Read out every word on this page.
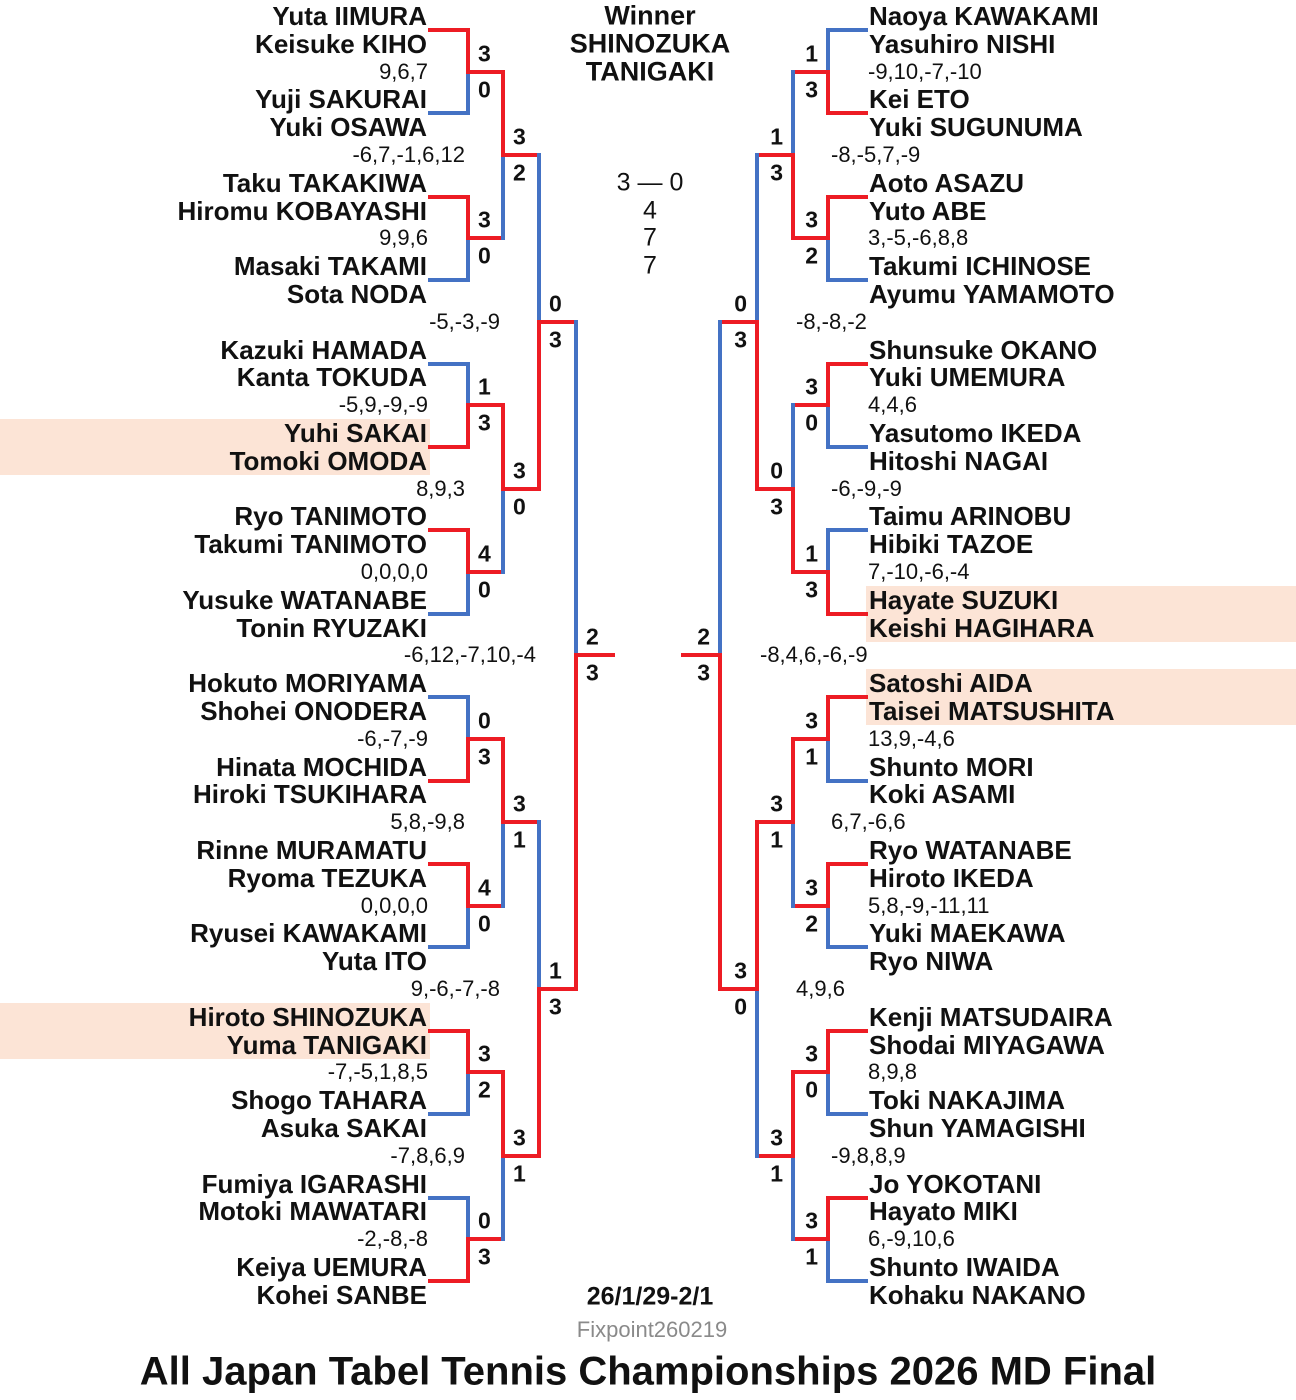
Winner
SHINOZUKA
TANIGAKI
3 — 0
4
7
7
26/1/29-2/1
Fixpoint260219
All Japan Tabel Tennis Championships 2026 MD Final
Yuta IIMURA
Keisuke KIHO
Yuji SAKURAI
Yuki OSAWA
Taku TAKAKIWA
Hiromu KOBAYASHI
Masaki TAKAMI
Sota NODA
Kazuki HAMADA
Kanta TOKUDA
Yuhi SAKAI
Tomoki OMODA
Ryo TANIMOTO
Takumi TANIMOTO
Yusuke WATANABE
Tonin RYUZAKI
Hokuto MORIYAMA
Shohei ONODERA
Hinata MOCHIDA
Hiroki TSUKIHARA
Rinne MURAMATU
Ryoma TEZUKA
Ryusei KAWAKAMI
Yuta ITO
Hiroto SHINOZUKA
Yuma TANIGAKI
Shogo TAHARA
Asuka SAKAI
Fumiya IGARASHI
Motoki MAWATARI
Keiya UEMURA
Kohei SANBE
3
0
9,6,7
3
0
9,9,6
1
3
-5,9,-9,-9
4
0
0,0,0,0
0
3
-6,-7,-9
4
0
0,0,0,0
3
2
-7,-5,1,8,5
0
3
-2,-8,-8
3
2
-6,7,-1,6,12
3
0
8,9,3
3
1
5,8,-9,8
3
1
-7,8,6,9
0
3
-5,-3,-9
1
3
9,-6,-7,-8
2
3
-6,12,-7,10,-4
Naoya KAWAKAMI
Yasuhiro NISHI
Kei ETO
Yuki SUGUNUMA
Aoto ASAZU
Yuto ABE
Takumi ICHINOSE
Ayumu YAMAMOTO
Shunsuke OKANO
Yuki UMEMURA
Yasutomo IKEDA
Hitoshi NAGAI
Taimu ARINOBU
Hibiki TAZOE
Hayate SUZUKI
Keishi HAGIHARA
Satoshi AIDA
Taisei MATSUSHITA
Shunto MORI
Koki ASAMI
Ryo WATANABE
Hiroto IKEDA
Yuki MAEKAWA
Ryo NIWA
Kenji MATSUDAIRA
Shodai MIYAGAWA
Toki NAKAJIMA
Shun YAMAGISHI
Jo YOKOTANI
Hayato MIKI
Shunto IWAIDA
Kohaku NAKANO
1
3
-9,10,-7,-10
3
2
3,-5,-6,8,8
3
0
4,4,6
1
3
7,-10,-6,-4
3
1
13,9,-4,6
3
2
5,8,-9,-11,11
3
0
8,9,8
3
1
6,-9,10,6
1
3
-8,-5,7,-9
0
3
-6,-9,-9
3
1
6,7,-6,6
3
1
-9,8,8,9
0
3
-8,-8,-2
3
0
4,9,6
2
3
-8,4,6,-6,-9
